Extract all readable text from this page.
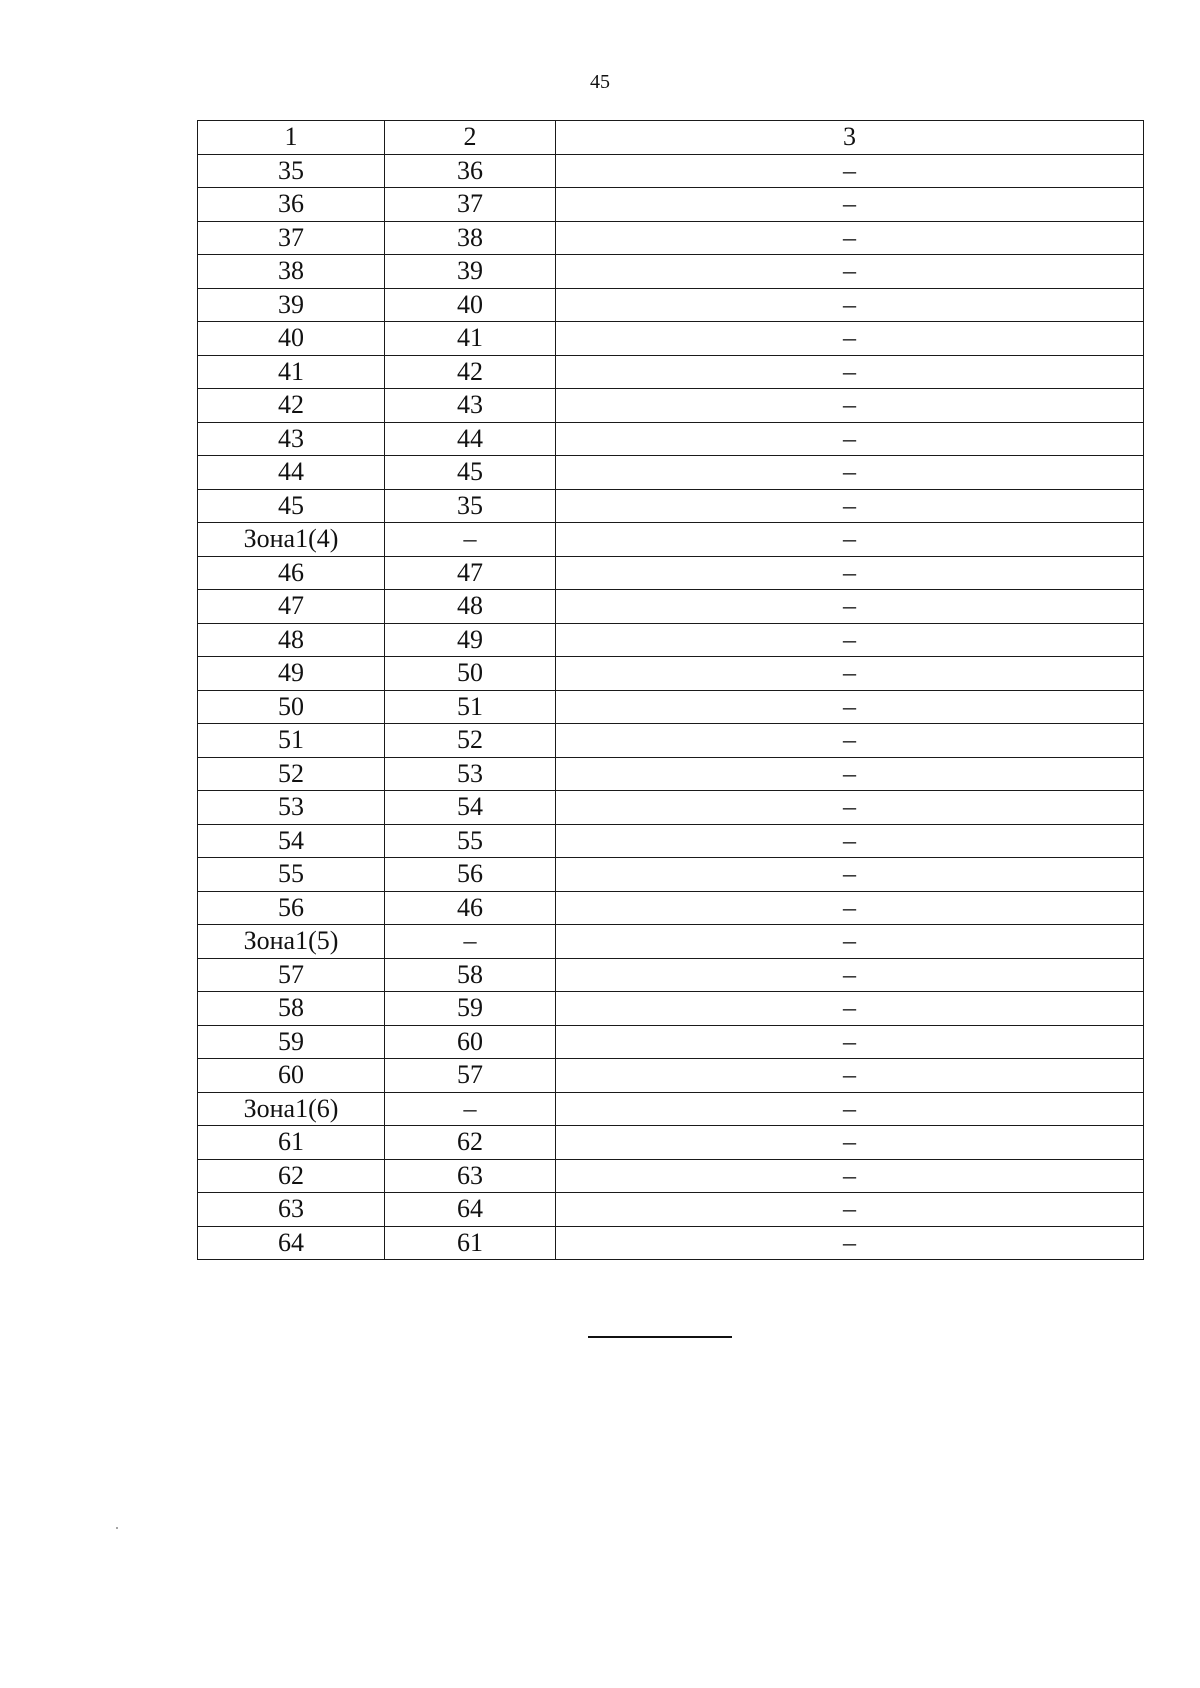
45
1	2	3
35	36	–
36	37	–
37	38	–
38	39	–
39	40	–
40	41	–
41	42	–
42	43	–
43	44	–
44	45	–
45	35	–
Зона1(4)	–	–
46	47	–
47	48	–
48	49	–
49	50	–
50	51	–
51	52	–
52	53	–
53	54	–
54	55	–
55	56	–
56	46	–
Зона1(5)	–	–
57	58	–
58	59	–
59	60	–
60	57	–
Зона1(6)	–	–
61	62	–
62	63	–
63	64	–
64	61	–
